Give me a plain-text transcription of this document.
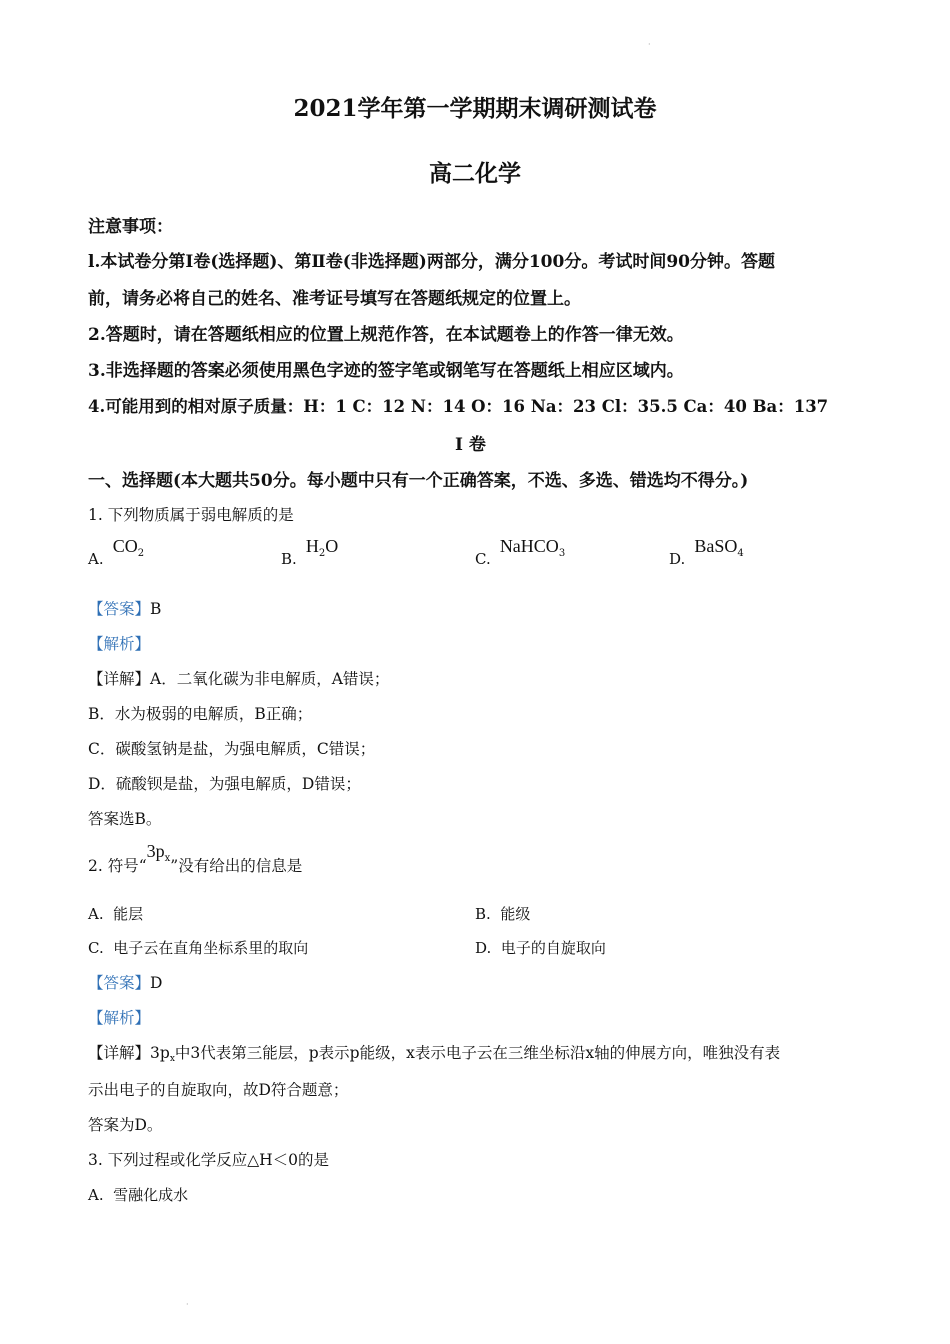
·
·
2021学年第一学期期末调研测试卷
高二化学
注意事项：
l.本试卷分第Ⅰ卷(选择题)、第Ⅱ卷(非选择题)两部分，满分100分。考试时间90分钟。答题
前，请务必将自己的姓名、准考证号填写在答题纸规定的位置上。
2.答题时，请在答题纸相应的位置上规范作答，在本试题卷上的作答一律无效。
3.非选择题的答案必须使用黑色字迹的签字笔或钢笔写在答题纸上相应区域内。
4.可能用到的相对原子质量：H：1 C：12 N：14 O：16 Na：23 Cl：35.5 Ca：40 Ba：137
Ⅰ 卷
一、选择题(本大题共50分。每小题中只有一个正确答案，不选、多选、错选均不得分。)
1. 下列物质属于弱电解质的是
A. $CO_2$	B. $H_2O$
C. NaHCO$_3$	D. BaSO$_4$
【答案】B
【解析】
【详解】A．二氧化碳为非电解质，A错误；
B．水为极弱的电解质，B正确；
C．碳酸氢钠是盐，为强电解质，C错误；
D．硫酸钡是盐，为强电解质，D错误；
答案选B。
2. 符号“$3p_x$”没有给出的信息是
A. 能层	B. 能级
C. 电子云在直角坐标系里的取向	D. 电子的自旋取向
【答案】D
【解析】
【详解】3px中3代表第三能层，p表示p能级，x表示电子云在三维坐标沿x轴的伸展方向，唯独没有表
示出电子的自旋取向，故D符合题意；
答案为D。
3. 下列过程或化学反应△H＜0的是
A. 雪融化成水
